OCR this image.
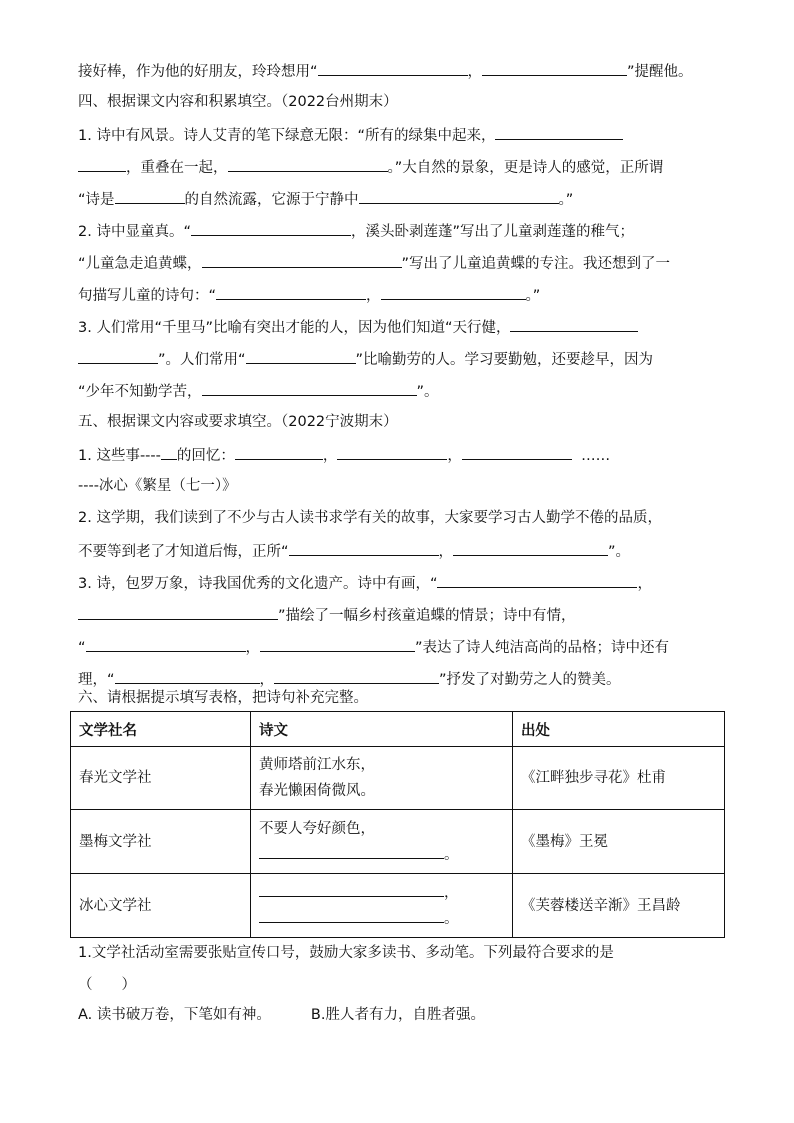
接好棒，作为他的好朋友，玲玲想用“	，	”提醒他。
四、根据课文内容和积累填空。（2022台州期末）
1. 诗中有风景。诗人艾青的笔下绿意无限：“所有的绿集中起来，
，重叠在一起，	。”大自然的景象，更是诗人的感觉，正所谓
“诗是	的自然流露，它源于宁静中	。”
2. 诗中显童真。“	，溪头卧剥莲蓬”写出了儿童剥莲蓬的稚气；
“儿童急走追黄蝶，	”写出了儿童追黄蝶的专注。我还想到了一
句描写儿童的诗句：“	，	。”
3. 人们常用“千里马”比喻有突出才能的人，因为他们知道“天行健，
”。人们常用“	”比喻勤劳的人。学习要勤勉，还要趁早，因为
“少年不知勤学苦，	”。
五、根据课文内容或要求填空。（2022宁波期末）
1. 这些事---- 的回忆：	，	，	……
----冰心《繁星（七一）》
2. 这学期，我们读到了不少与古人读书求学有关的故事，大家要学习古人勤学不倦的品质，
不要等到老了才知道后悔，正所“	，	”。
3. 诗，包罗万象，诗我国优秀的文化遗产。诗中有画，“	，
”描绘了一幅乡村孩童追蝶的情景；诗中有情，
“	，	”表达了诗人纯洁高尚的品格；诗中还有
理，“	，	”抒发了对勤劳之人的赞美。
六、请根据提示填写表格，把诗句补充完整。
文学社名	诗文	出处
春光文学社	黄师塔前江水东，
春光懒困倚微风。	《江畔独步寻花》杜甫
墨梅文学社	不要人夸好颜色，
。	《墨梅》王冕
冰心文学社	，
。	《芙蓉楼送辛渐》王昌龄
1.文学社活动室需要张贴宣传口号，鼓励大家多读书、多动笔。下列最符合要求的是
（　　）
A. 读书破万卷，下笔如有神。	B.胜人者有力，自胜者强。
